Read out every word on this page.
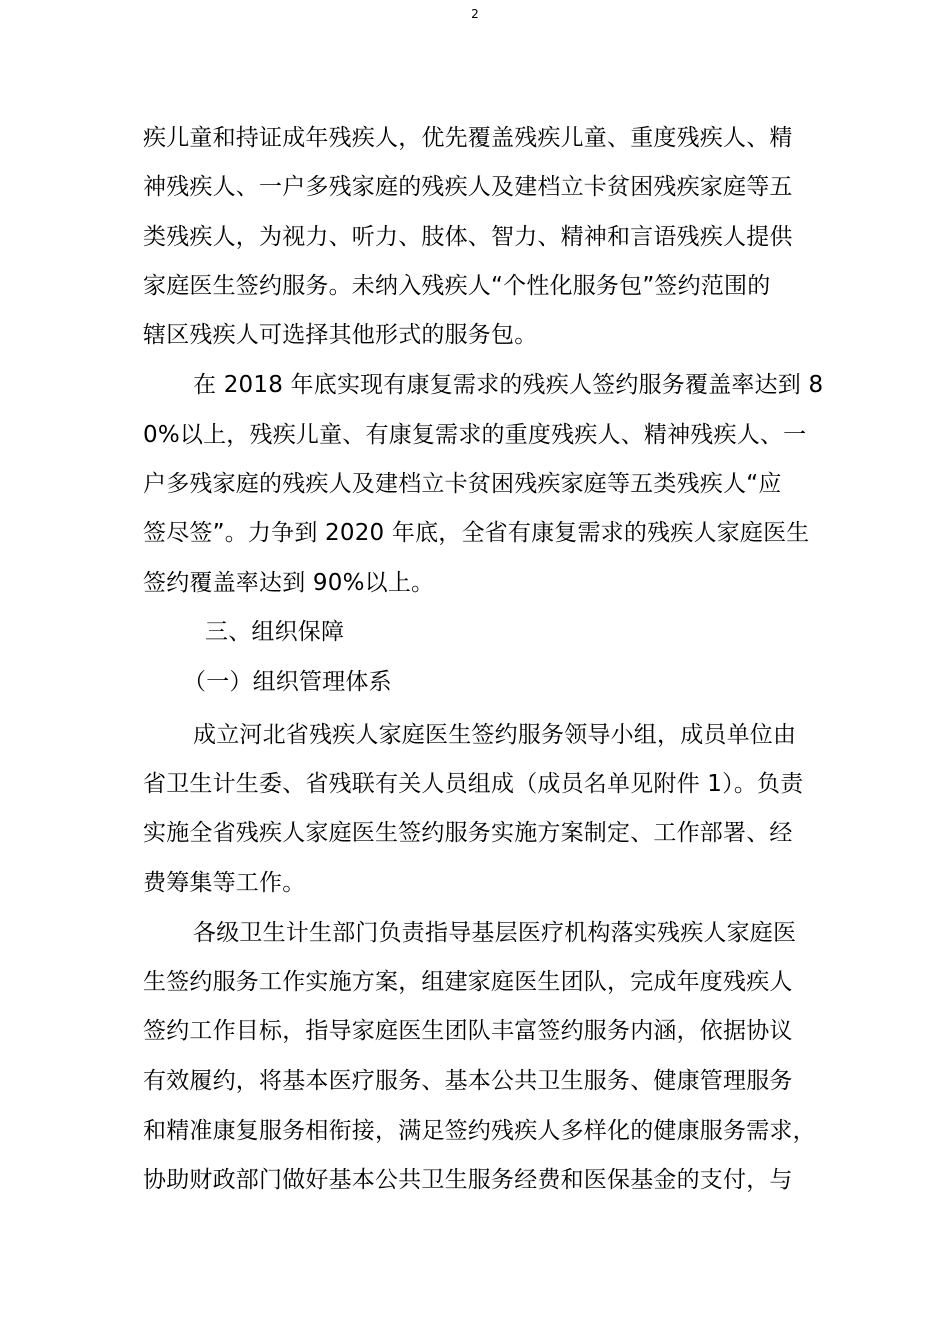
2
疾儿童和持证成年残疾人，优先覆盖残疾儿童、重度残疾人、精
神残疾人、一户多残家庭的残疾人及建档立卡贫困残疾家庭等五
类残疾人，为视力、听力、肢体、智力、精神和言语残疾人提供
家庭医生签约服务。未纳入残疾人“个性化服务包”签约范围的
辖区残疾人可选择其他形式的服务包。
在 2018 年底实现有康复需求的残疾人签约服务覆盖率达到 8
0%以上，残疾儿童、有康复需求的重度残疾人、精神残疾人、一
户多残家庭的残疾人及建档立卡贫困残疾家庭等五类残疾人“应
签尽签”。力争到 2020 年底，全省有康复需求的残疾人家庭医生
签约覆盖率达到 90%以上。
三、组织保障
（一）组织管理体系
成立河北省残疾人家庭医生签约服务领导小组，成员单位由
省卫生计生委、省残联有关人员组成（成员名单见附件 1）。负责
实施全省残疾人家庭医生签约服务实施方案制定、工作部署、经
费筹集等工作。
各级卫生计生部门负责指导基层医疗机构落实残疾人家庭医
生签约服务工作实施方案，组建家庭医生团队，完成年度残疾人
签约工作目标，指导家庭医生团队丰富签约服务内涵，依据协议
有效履约，将基本医疗服务、基本公共卫生服务、健康管理服务
和精准康复服务相衔接，满足签约残疾人多样化的健康服务需求，
协助财政部门做好基本公共卫生服务经费和医保基金的支付，与
